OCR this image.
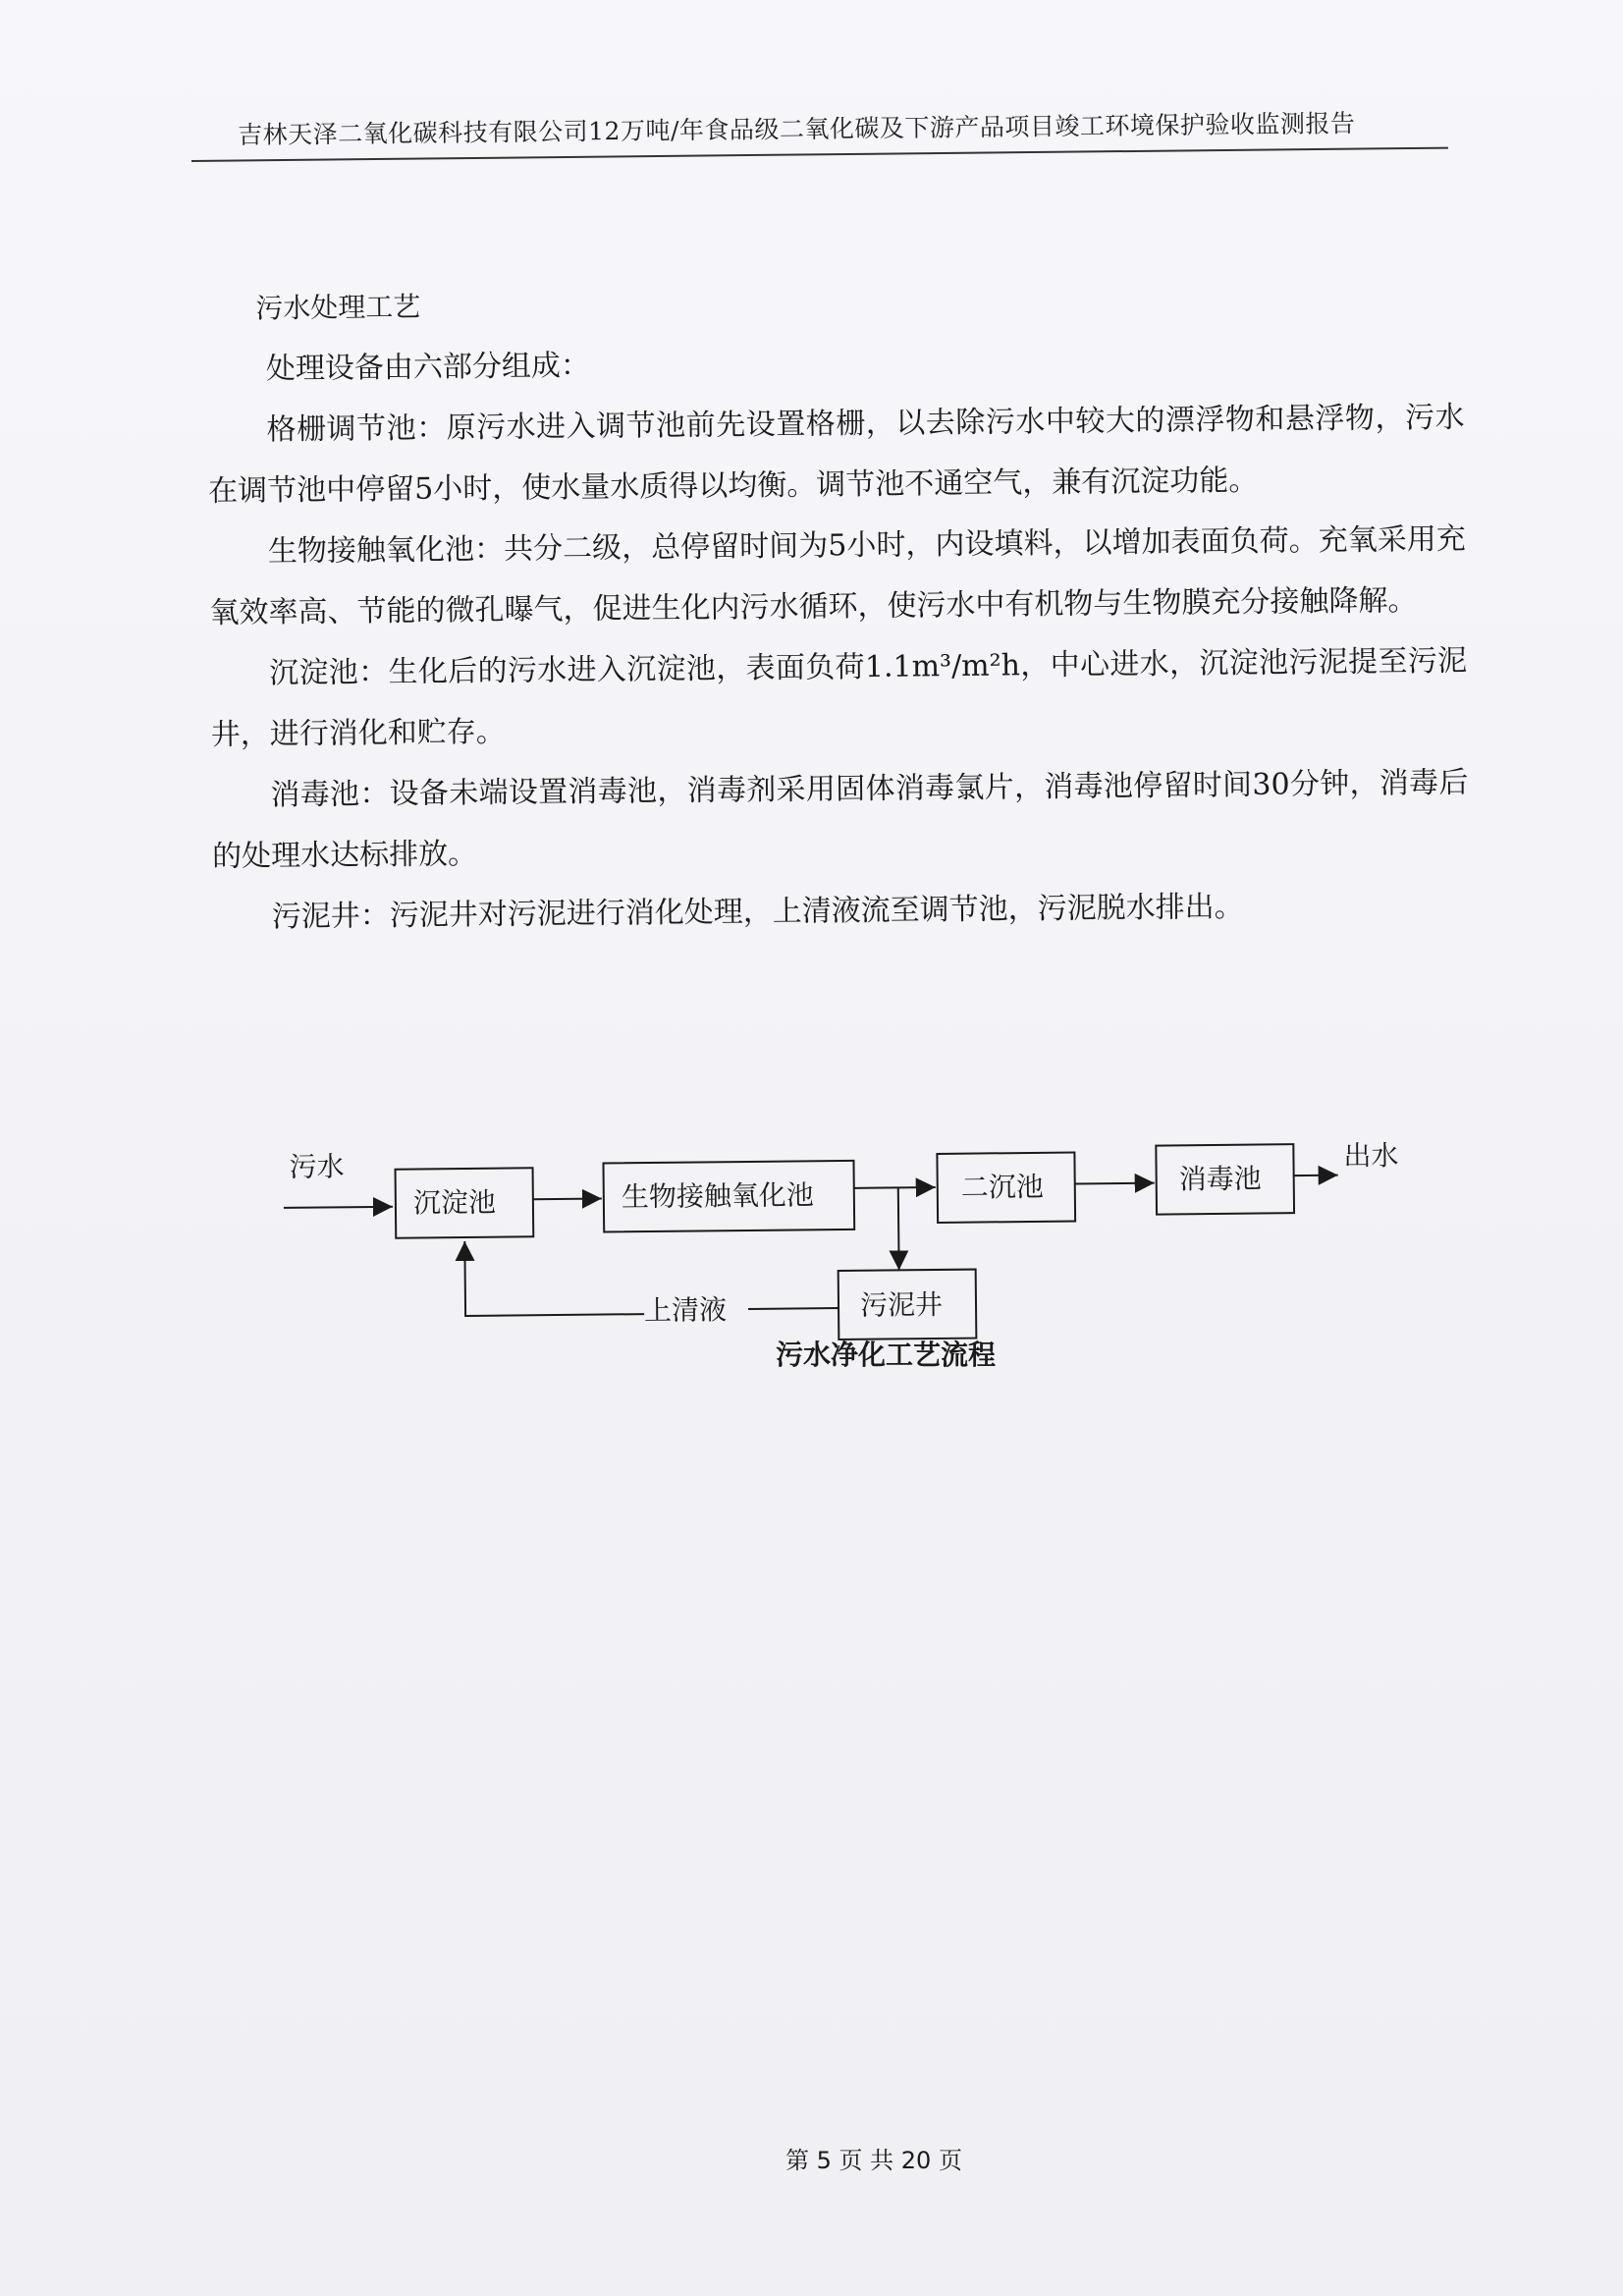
吉林天泽二氧化碳科技有限公司12万吨/年食品级二氧化碳及下游产品项目竣工环境保护验收监测报告

污水处理工艺

处理设备由六部分组成：

格栅调节池：原污水进入调节池前先设置格栅，以去除污水中较大的漂浮物和悬浮物，污水在调节池中停留5小时，使水量水质得以均衡。调节池不通空气，兼有沉淀功能。

生物接触氧化池：共分二级，总停留时间为5小时，内设填料，以增加表面负荷。充氧采用充氧效率高、节能的微孔曝气，促进生化内污水循环，使污水中有机物与生物膜充分接触降解。

沉淀池：生化后的污水进入沉淀池，表面负荷1.1m³/m²h，中心进水，沉淀池污泥提至污泥井，进行消化和贮存。

消毒池：设备未端设置消毒池，消毒剂采用固体消毒氯片，消毒池停留时间30分钟，消毒后的处理水达标排放。

污泥井：污泥井对污泥进行消化处理，上清液流至调节池，污泥脱水排出。

污水
沉淀池	生物接触氧化池	二沉池	消毒池
出水
污泥井
上清液
污水净化工艺流程
第 5 页 共 20 页
